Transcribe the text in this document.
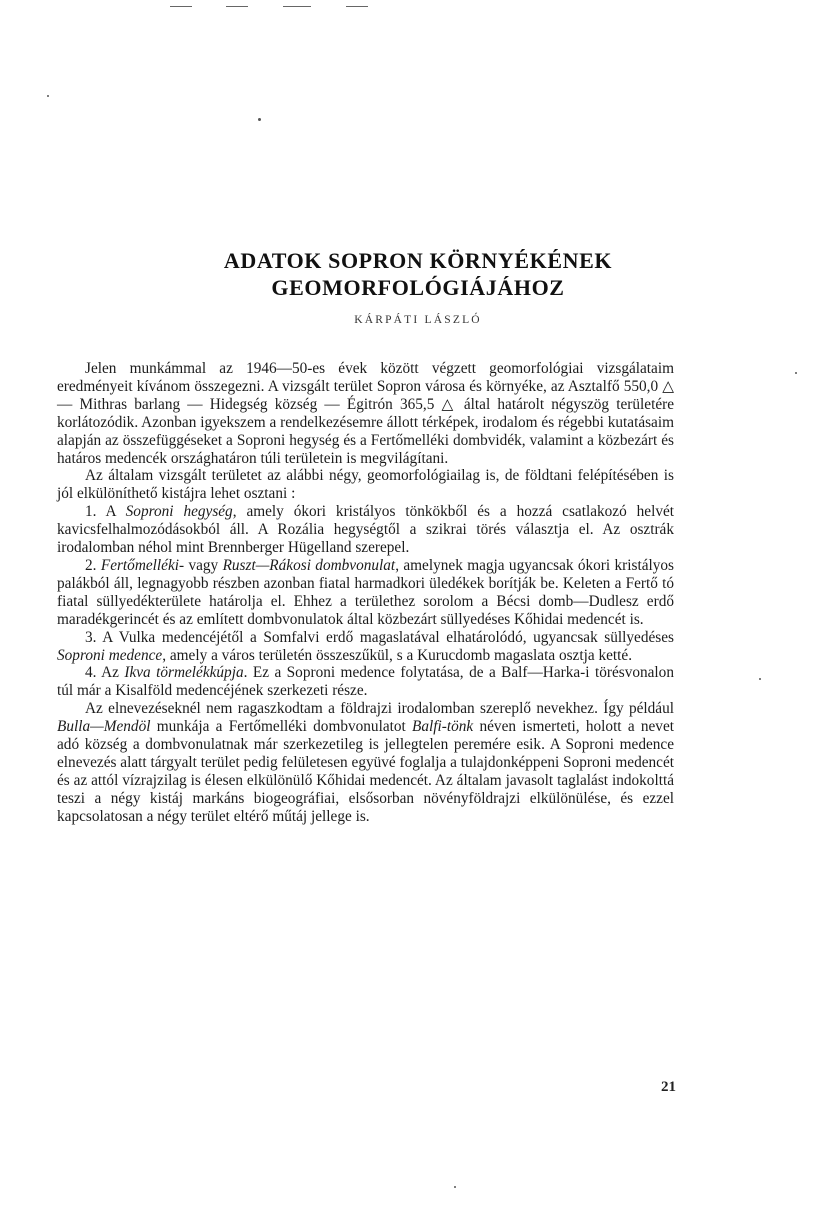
ADATOK SOPRON KÖRNYÉKÉNEK
GEOMORFOLÓGIÁJÁHOZ
KÁRPÁTI LÁSZLÓ

Jelen munkámmal az 1946—50-es évek között végzett geomorfológiai vizsgálataim eredményeit kívánom összegezni. A vizsgált terület Sopron városa és környéke, az Asztalfő 550,0 △ — Mithras barlang — Hidegség község — Égitrón 365,5 △ által határolt négyszög területére korlátozódik. Azonban igyekszem a rendelkezésemre állott térképek, irodalom és régebbi kutatásaim alapján az összefüggéseket a Soproni hegység és a Fertőmelléki dombvidék, valamint a közbezárt és határos medencék országhatáron túli területein is megvilágítani.

Az általam vizsgált területet az alábbi négy, geomorfológiailag is, de földtani felépítésében is jól elkülöníthető kistájra lehet osztani :

1. A Soproni hegység, amely ókori kristályos tönkökből és a hozzá csatlakozó helvét kavicsfelhalmozódásokból áll. A Rozália hegységtől a szikrai törés választja el. Az osztrák irodalomban néhol mint Brennberger Hügelland szerepel.

2. Fertőmelléki- vagy Ruszt—Rákosi dombvonulat, amelynek magja ugyancsak ókori kristályos palákból áll, legnagyobb részben azonban fiatal harmadkori üledékek borítják be. Keleten a Fertő tó fiatal süllyedékterülete határolja el. Ehhez a területhez sorolom a Bécsi domb—Dudlesz erdő maradékgerincét és az említett dombvonulatok által közbezárt süllyedéses Kőhidai medencét is.

3. A Vulka medencéjétől a Somfalvi erdő magaslatával elhatárolódó, ugyancsak süllyedéses Soproni medence, amely a város területén összeszűkül, s a Kurucdomb magaslata osztja ketté.

4. Az Ikva törmelékkúpja. Ez a Soproni medence folytatása, de a Balf—Harka-i törésvonalon túl már a Kisalföld medencéjének szerkezeti része.

Az elnevezéseknél nem ragaszkodtam a földrajzi irodalomban szereplő nevekhez. Így például Bulla—Mendöl munkája a Fertőmelléki dombvonulatot Balfi-tönk néven ismerteti, holott a nevet adó község a dombvonulatnak már szerkezetileg is jellegtelen peremére esik. A Soproni medence elnevezés alatt tárgyalt terület pedig felületesen együvé foglalja a tulajdonképpeni Soproni medencét és az attól vízrajzilag is élesen elkülönülő Kőhidai medencét. Az általam javasolt taglalást indokolttá teszi a négy kistáj markáns biogeográfiai, elsősorban növényföldrajzi elkülönülése, és ezzel kapcsolatosan a négy terület eltérő műtáj jellege is.

21
